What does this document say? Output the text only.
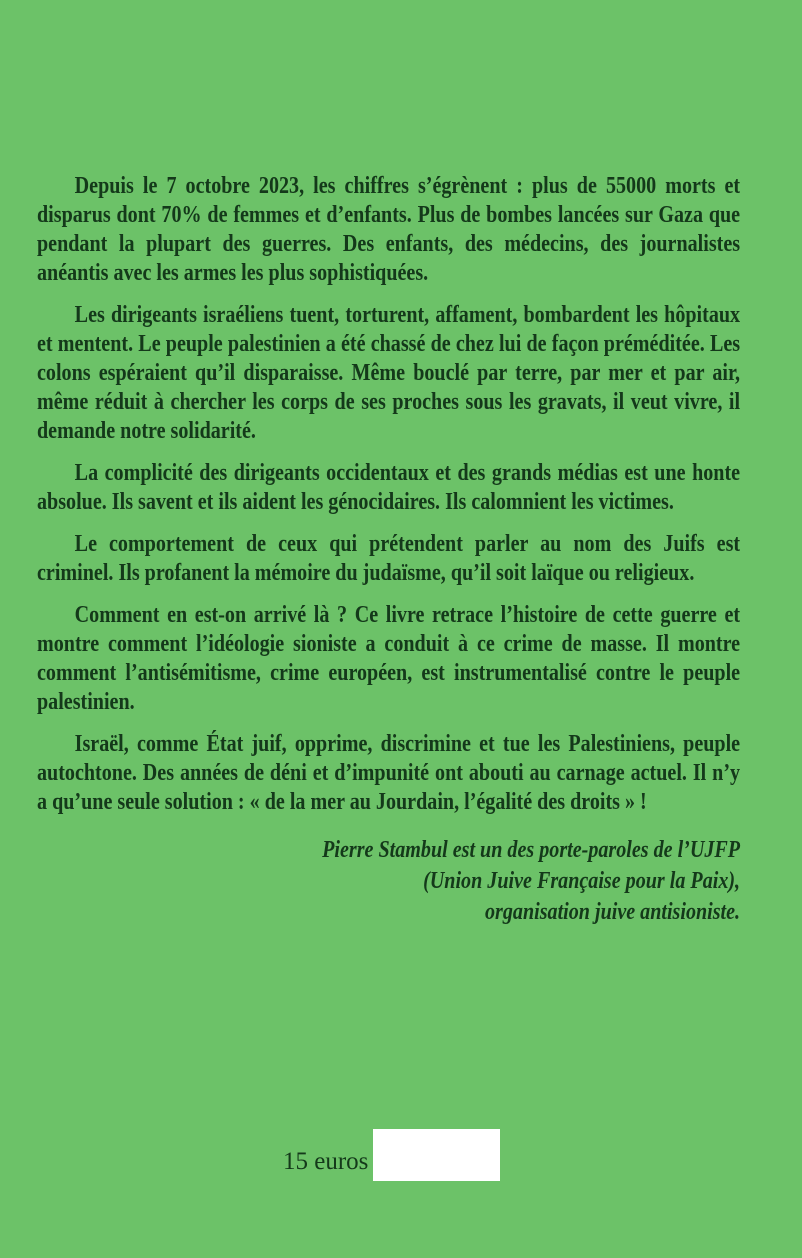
Depuis le 7 octobre 2023, les chiffres s’égrènent : plus de 55000 morts et disparus dont 70% de femmes et d’enfants. Plus de bombes lancées sur Gaza que pendant la plupart des guerres. Des enfants, des médecins, des journalistes anéantis avec les armes les plus sophistiquées.

Les dirigeants israéliens tuent, torturent, affament, bombardent les hôpitaux et mentent. Le peuple palestinien a été chassé de chez lui de façon préméditée. Les colons espéraient qu’il disparaisse. Même bouclé par terre, par mer et par air, même réduit à chercher les corps de ses proches sous les gravats, il veut vivre, il demande notre solidarité.

La complicité des dirigeants occidentaux et des grands médias est une honte absolue. Ils savent et ils aident les génocidaires. Ils calomnient les victimes.

Le comportement de ceux qui prétendent parler au nom des Juifs est criminel. Ils profanent la mémoire du judaïsme, qu’il soit laïque ou religieux.

Comment en est-on arrivé là ? Ce livre retrace l’histoire de cette guerre et montre comment l’idéologie sioniste a conduit à ce crime de masse. Il montre comment l’antisémitisme, crime européen, est instrumentalisé contre le peuple palestinien.

Israël, comme État juif, opprime, discrimine et tue les Palestiniens, peuple autochtone. Des années de déni et d’impunité ont abouti au carnage actuel. Il n’y a qu’une seule solution : « de la mer au Jourdain, l’égalité des droits » !

Pierre Stambul est un des porte-paroles de l’UJFP
(Union Juive Française pour la Paix),
organisation juive antisioniste.
15 euros
